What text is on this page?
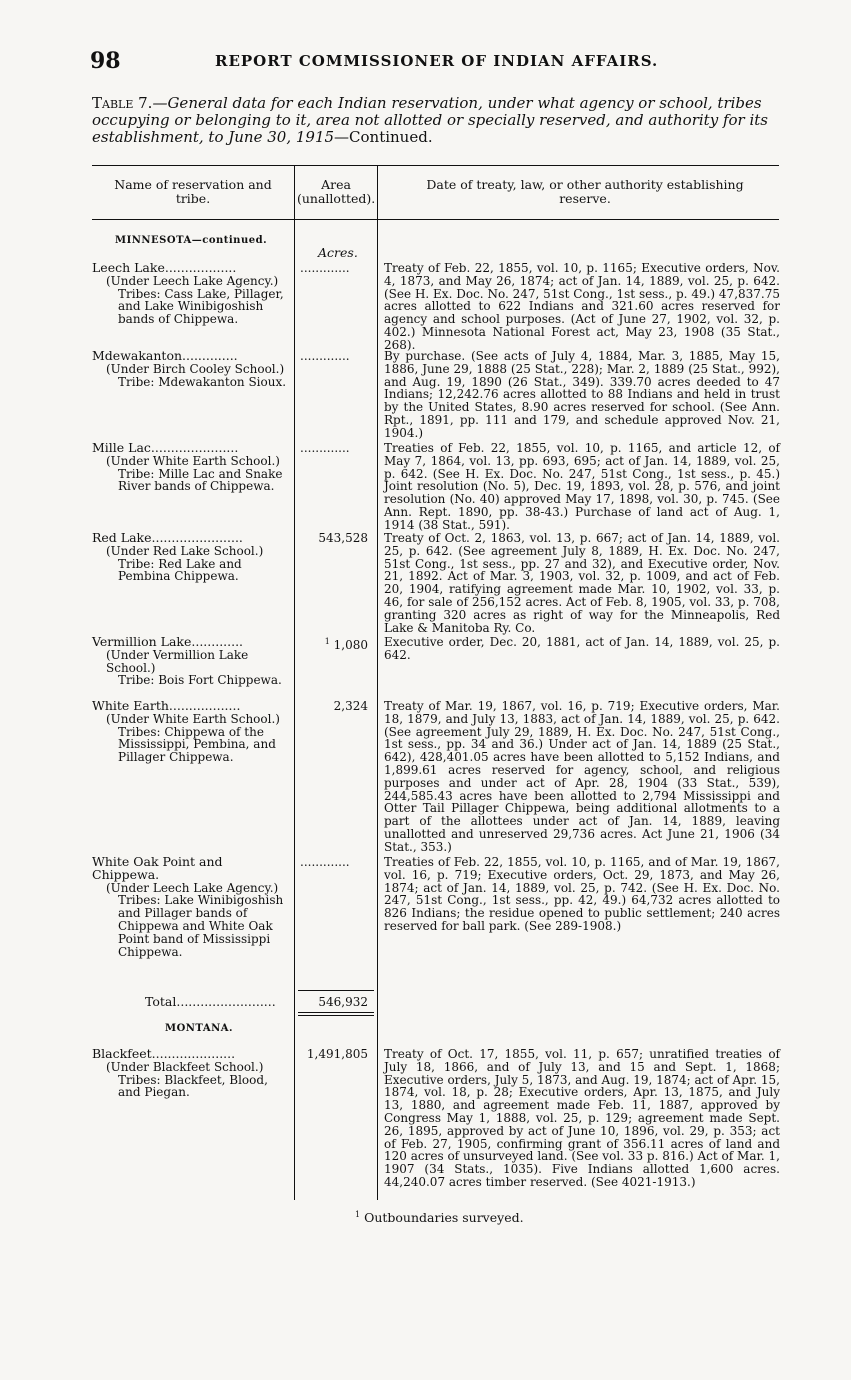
98	REPORT COMMISSIONER OF INDIAN AFFAIRS.
Table 7.—General data for each Indian reservation, under what agency or school, tribes occupying or belonging to it, area not allotted or specially reserved, and authority for its establishment, to June 30, 1915—Continued.
Name of reservation and tribe.
Area (unallotted).
Date of treaty, law, or other authority establishing reserve.
MINNESOTA—continued.
Acres.
Leech Lake..................
(Under Leech Lake Agency.)
Tribes: Cass Lake, Pillager, and Lake Winibigoshish bands of Chippewa.
.............	Treaty of Feb. 22, 1855, vol. 10, p. 1165; Executive orders, Nov. 4, 1873, and May 26, 1874; act of Jan. 14, 1889, vol. 25, p. 642. (See H. Ex. Doc. No. 247, 51st Cong., 1st sess., p. 49.) 47,837.75 acres allotted to 622 Indians and 321.60 acres reserved for agency and school purposes. (Act of June 27, 1902, vol. 32, p. 402.) Minnesota National Forest act, May 23, 1908 (35 Stat., 268).
Mdewakanton..............
(Under Birch Cooley School.)
Tribe: Mdewakanton Sioux.
.............	By purchase. (See acts of July 4, 1884, Mar. 3, 1885, May 15, 1886, June 29, 1888 (25 Stat., 228); Mar. 2, 1889 (25 Stat., 992), and Aug. 19, 1890 (26 Stat., 349). 339.70 acres deeded to 47 Indians; 12,242.76 acres allotted to 88 Indians and held in trust by the United States, 8.90 acres reserved for school. (See Ann. Rpt., 1891, pp. 111 and 179, and schedule approved Nov. 21, 1904.)
Mille Lac......................
(Under White Earth School.)
Tribe: Mille Lac and Snake River bands of Chippewa.
.............	Treaties of Feb. 22, 1855, vol. 10, p. 1165, and article 12, of May 7, 1864, vol. 13, pp. 693, 695; act of Jan. 14, 1889, vol. 25, p. 642. (See H. Ex. Doc. No. 247, 51st Cong., 1st sess., p. 45.) Joint resolution (No. 5), Dec. 19, 1893, vol. 28, p. 576, and joint resolution (No. 40) approved May 17, 1898, vol. 30, p. 745. (See Ann. Rept. 1890, pp. 38-43.) Purchase of land act of Aug. 1, 1914 (38 Stat., 591).
Red Lake.......................
(Under Red Lake School.)
Tribe: Red Lake and Pembina Chippewa.
543,528 Treaty of Oct. 2, 1863, vol. 13, p. 667; act of Jan. 14, 1889, vol. 25, p. 642. (See agreement July 8, 1889, H. Ex. Doc. No. 247, 51st Cong., 1st sess., pp. 27 and 32), and Executive order, Nov. 21, 1892. Act of Mar. 3, 1903, vol. 32, p. 1009, and act of Feb. 20, 1904, ratifying agreement made Mar. 10, 1902, vol. 33, p. 46, for sale of 256,152 acres. Act of Feb. 8, 1905, vol. 33, p. 708, granting 320 acres as right of way for the Minneapolis, Red Lake & Manitoba Ry. Co.
Vermillion Lake.............
(Under Vermillion Lake School.)
Tribe: Bois Fort Chippewa.
$^1$ 1,080 Executive order, Dec. 20, 1881, act of Jan. 14, 1889, vol. 25, p. 642.
White Earth..................
(Under White Earth School.)
Tribes: Chippewa of the Mississippi, Pembina, and Pillager Chippewa.
2,324 Treaty of Mar. 19, 1867, vol. 16, p. 719; Executive orders, Mar. 18, 1879, and July 13, 1883, act of Jan. 14, 1889, vol. 25, p. 642. (See agreement July 29, 1889, H. Ex. Doc. No. 247, 51st Cong., 1st sess., pp. 34 and 36.) Under act of Jan. 14, 1889 (25 Stat., 642), 428,401.05 acres have been allotted to 5,152 Indians, and 1,899.61 acres reserved for agency, school, and religious purposes and under act of Apr. 28, 1904 (33 Stat., 539), 244,585.43 acres have been allotted to 2,794 Mississippi and Otter Tail Pillager Chippewa, being additional allotments to a part of the allottees under act of Jan. 14, 1889, leaving unallotted and unreserved 29,736 acres. Act June 21, 1906 (34 Stat., 353.)
White Oak Point and Chippewa.
(Under Leech Lake Agency.)
Tribes: Lake Winibigoshish and Pillager bands of Chippewa and White Oak Point band of Mississippi Chippewa.
.............	Treaties of Feb. 22, 1855, vol. 10, p. 1165, and of Mar. 19, 1867, vol. 16, p. 719; Executive orders, Oct. 29, 1873, and May 26, 1874; act of Jan. 14, 1889, vol. 25, p. 742. (See H. Ex. Doc. No. 247, 51st Cong., 1st sess., pp. 42, 49.) 64,732 acres allotted to 826 Indians; the residue opened to public settlement; 240 acres reserved for ball park. (See 289-1908.)
Total.........................	546,932
MONTANA.
Blackfeet.....................
(Under Blackfeet School.)
Tribes: Blackfeet, Blood, and Piegan.
1,491,805 Treaty of Oct. 17, 1855, vol. 11, p. 657; unratified treaties of July 18, 1866, and of July 13, and 15 and Sept. 1, 1868; Executive orders, July 5, 1873, and Aug. 19, 1874; act of Apr. 15, 1874, vol. 18, p. 28; Executive orders, Apr. 13, 1875, and July 13, 1880, and agreement made Feb. 11, 1887, approved by Congress May 1, 1888, vol. 25, p. 129; agreement made Sept. 26, 1895, approved by act of June 10, 1896, vol. 29, p. 353; act of Feb. 27, 1905, confirming grant of 356.11 acres of land and 120 acres of unsurveyed land. (See vol. 33 p. 816.) Act of Mar. 1, 1907 (34 Stats., 1035). Five Indians allotted 1,600 acres. 44,240.07 acres timber reserved. (See 4021-1913.)
$^1$ Outboundaries surveyed.
